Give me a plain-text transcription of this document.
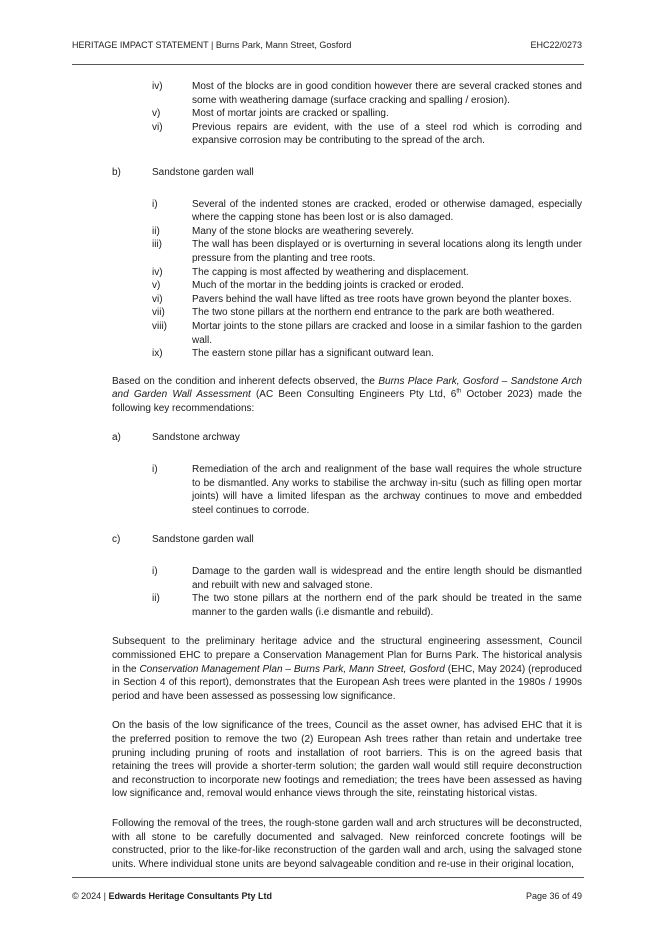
HERITAGE IMPACT STATEMENT | Burns Park, Mann Street, Gosford	EHC22/0273
iv)	Most of the blocks are in good condition however there are several cracked stones and some with weathering damage (surface cracking and spalling / erosion).
v)	Most of mortar joints are cracked or spalling.
vi)	Previous repairs are evident, with the use of a steel rod which is corroding and expansive corrosion may be contributing to the spread of the arch.
b)	Sandstone garden wall
i)	Several of the indented stones are cracked, eroded or otherwise damaged, especially where the capping stone has been lost or is also damaged.
ii)	Many of the stone blocks are weathering severely.
iii)	The wall has been displayed or is overturning in several locations along its length under pressure from the planting and tree roots.
iv)	The capping is most affected by weathering and displacement.
v)	Much of the mortar in the bedding joints is cracked or eroded.
vi)	Pavers behind the wall have lifted as tree roots have grown beyond the planter boxes.
vii)	The two stone pillars at the northern end entrance to the park are both weathered.
viii)	Mortar joints to the stone pillars are cracked and loose in a similar fashion to the garden wall.
ix)	The eastern stone pillar has a significant outward lean.

Based on the condition and inherent defects observed, the Burns Place Park, Gosford – Sandstone Arch and Garden Wall Assessment (AC Been Consulting Engineers Pty Ltd, 6th October 2023) made the following key recommendations:

a)	Sandstone archway
i)	Remediation of the arch and realignment of the base wall requires the whole structure to be dismantled. Any works to stabilise the archway in-situ (such as filling open mortar joints) will have a limited lifespan as the archway continues to move and embedded steel continues to corrode.
c)	Sandstone garden wall
i)	Damage to the garden wall is widespread and the entire length should be dismantled and rebuilt with new and salvaged stone.
ii)	The two stone pillars at the northern end of the park should be treated in the same manner to the garden walls (i.e dismantle and rebuild).

Subsequent to the preliminary heritage advice and the structural engineering assessment, Council commissioned EHC to prepare a Conservation Management Plan for Burns Park. The historical analysis in the Conservation Management Plan – Burns Park, Mann Street, Gosford (EHC, May 2024) (reproduced in Section 4 of this report), demonstrates that the European Ash trees were planted in the 1980s / 1990s period and have been assessed as possessing low significance.

On the basis of the low significance of the trees, Council as the asset owner, has advised EHC that it is the preferred position to remove the two (2) European Ash trees rather than retain and undertake tree pruning including pruning of roots and installation of root barriers. This is on the agreed basis that retaining the trees will provide a shorter-term solution; the garden wall would still require deconstruction and reconstruction to incorporate new footings and remediation; the trees have been assessed as having low significance and, removal would enhance views through the site, reinstating historical vistas.

Following the removal of the trees, the rough-stone garden wall and arch structures will be deconstructed, with all stone to be carefully documented and salvaged. New reinforced concrete footings will be constructed, prior to the like-for-like reconstruction of the garden wall and arch, using the salvaged stone units. Where individual stone units are beyond salvageable condition and re-use in their original location,

© 2024 | Edwards Heritage Consultants Pty Ltd	Page 36 of 49
